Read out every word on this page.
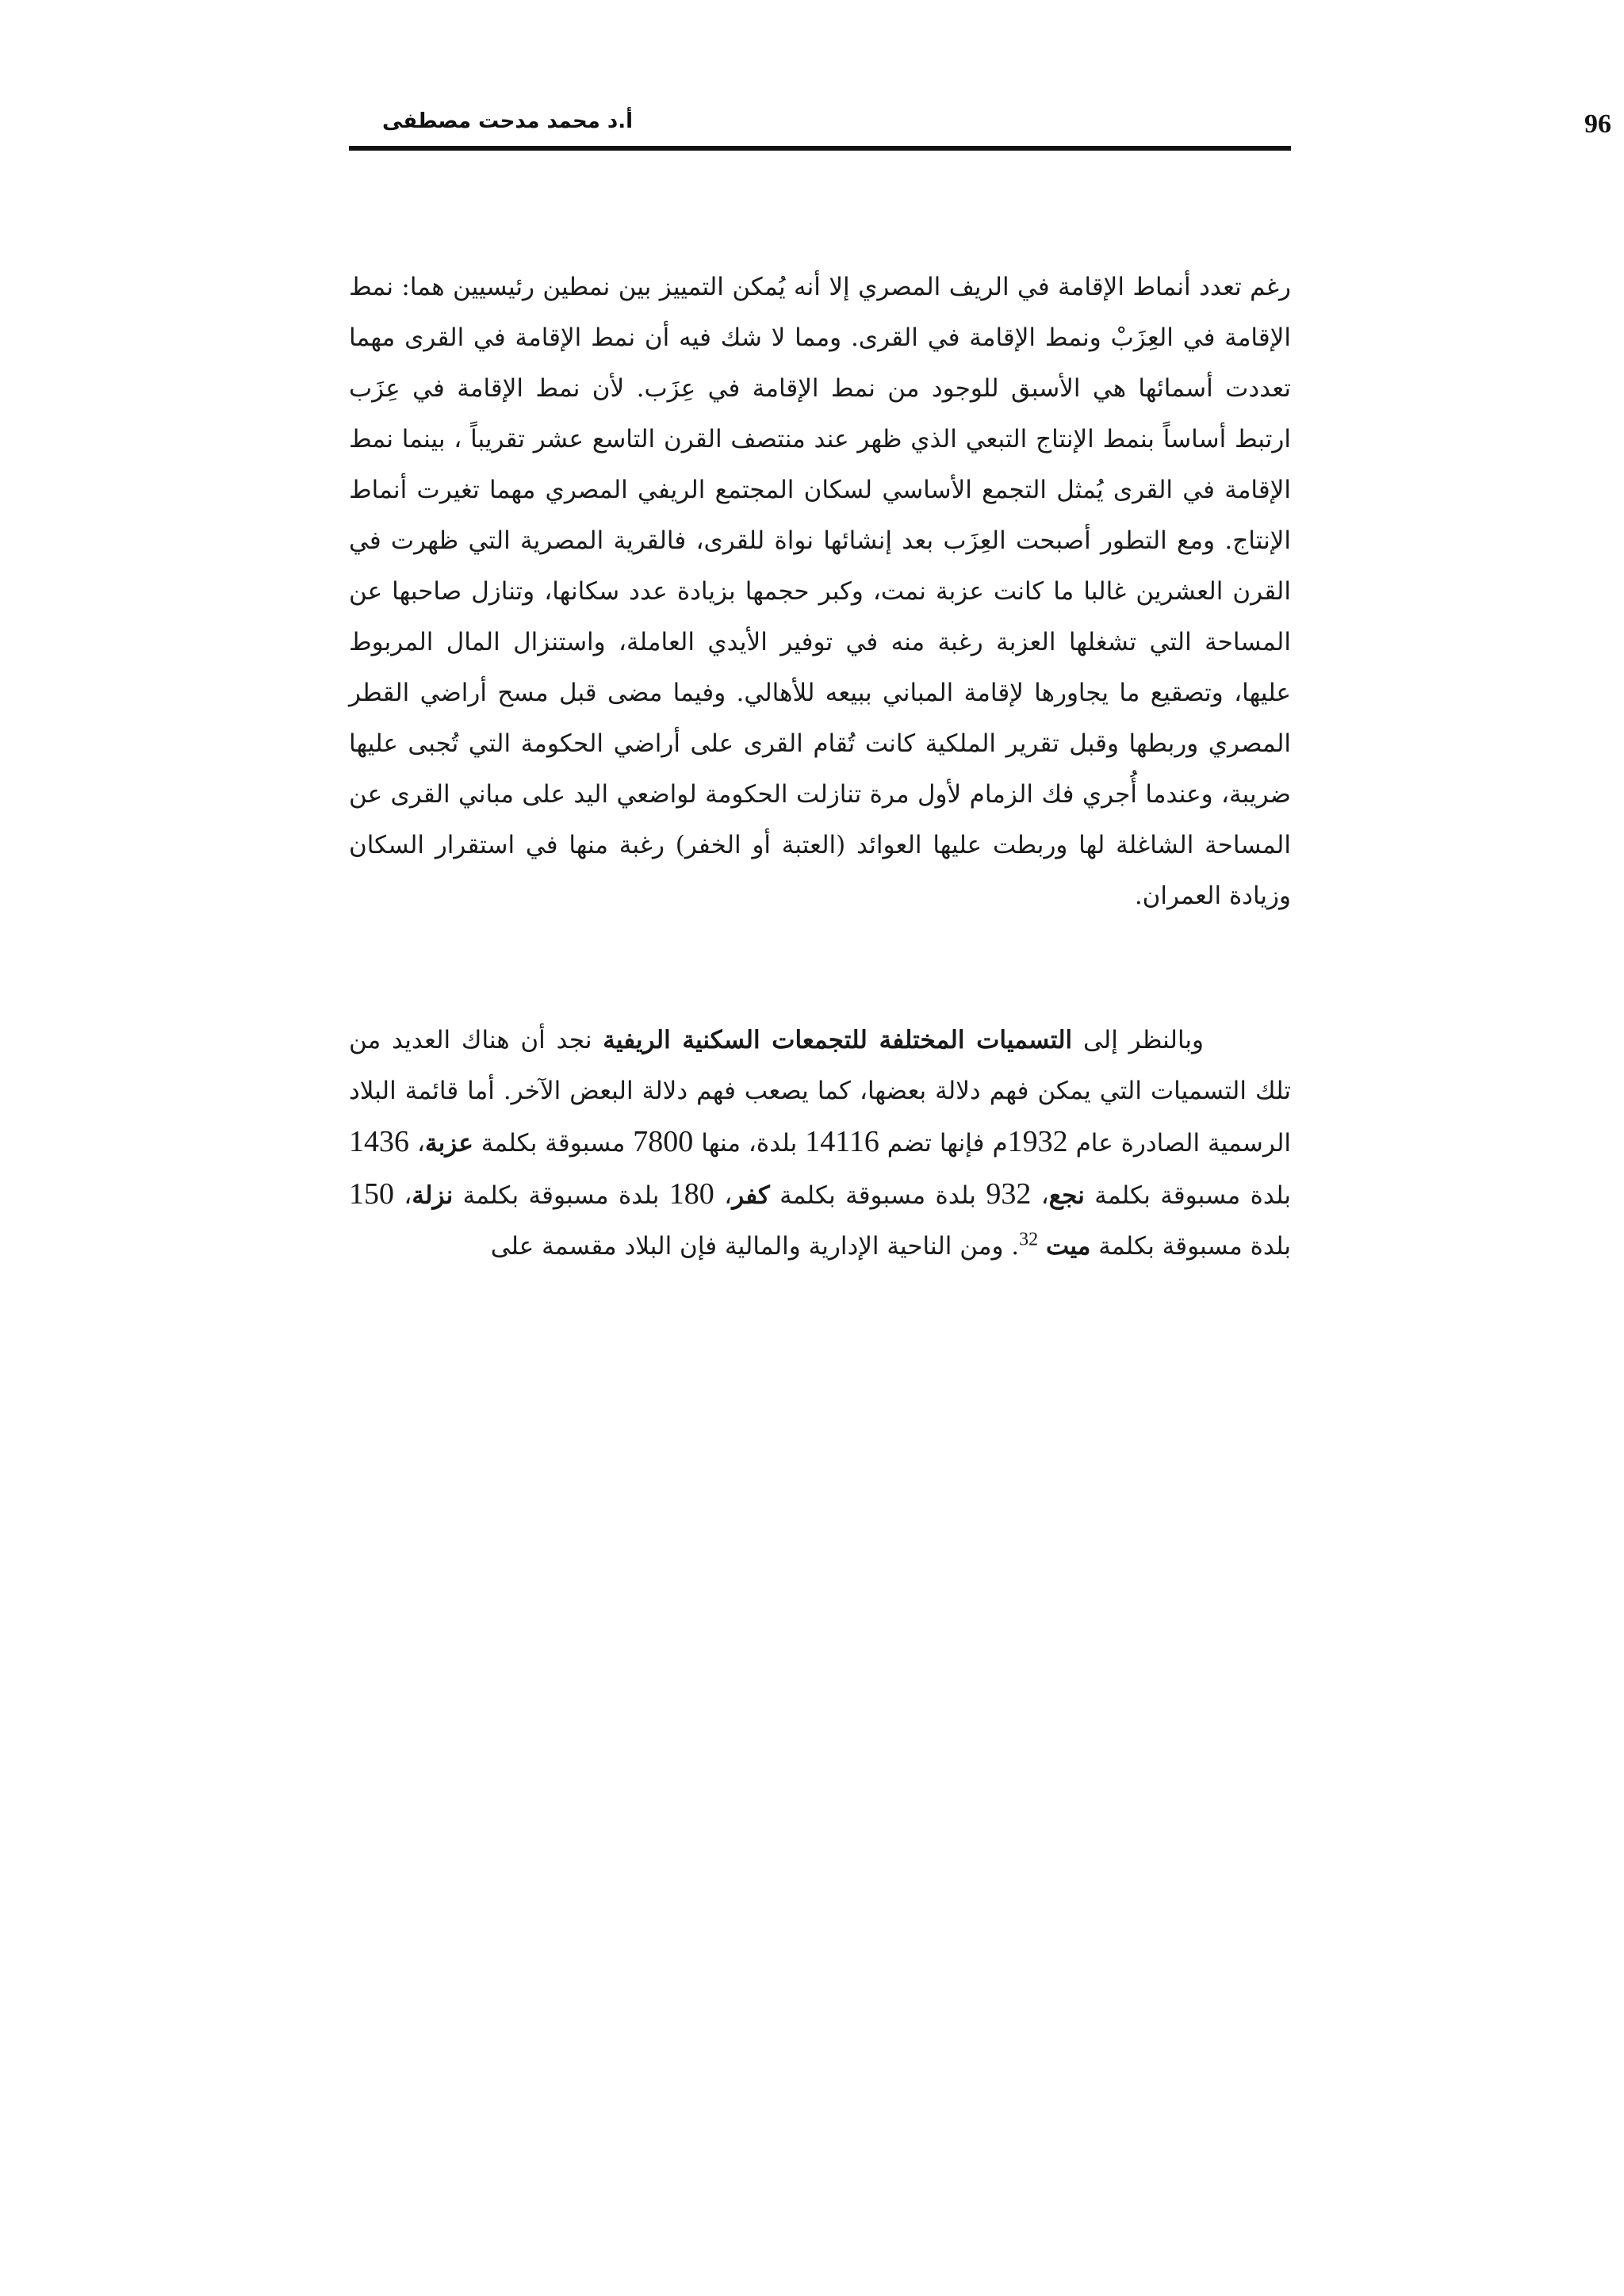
96
أ.د محمد مدحت مصطفى

رغم تعدد أنماط الإقامة في الريف المصري إلا أنه يُمكن التمييز بين نمطين رئيسيين هما: نمط الإقامة في العِزَبْ ونمط الإقامة في القرى. ومما لا شك فيه أن نمط الإقامة في القرى مهما تعددت أسمائها هي الأسبق للوجود من نمط الإقامة في عِزَب. لأن نمط الإقامة في عِزَب ارتبط أساساً بنمط الإنتاج التبعي الذي ظهر عند منتصف القرن التاسع عشر تقريباً ، بينما نمط الإقامة في القرى يُمثل التجمع الأساسي لسكان المجتمع الريفي المصري مهما تغيرت أنماط الإنتاج. ومع التطور أصبحت العِزَب بعد إنشائها نواة للقرى، فالقرية المصرية التي ظهرت في القرن العشرين غالبا ما كانت عزبة نمت، وكبر حجمها بزيادة عدد سكانها، وتنازل صاحبها عن المساحة التي تشغلها العزبة رغبة منه في توفير الأيدي العاملة، واستنزال المال المربوط عليها، وتصقيع ما يجاورها لإقامة المباني ببيعه للأهالي. وفيما مضى قبل مسح أراضي القطر المصري وربطها وقبل تقرير الملكية كانت تُقام القرى على أراضي الحكومة التي تُجبى عليها ضريبة، وعندما أُجري فك الزمام لأول مرة تنازلت الحكومة لواضعي اليد على مباني القرى عن المساحة الشاغلة لها وربطت عليها العوائد (العتبة أو الخفر) رغبة منها في استقرار السكان وزيادة العمران.

وبالنظر إلى التسميات المختلفة للتجمعات السكنية الريفية نجد أن هناك العديد من تلك التسميات التي يمكن فهم دلالة بعضها، كما يصعب فهم دلالة البعض الآخر. أما قائمة البلاد الرسمية الصادرة عام 1932م فإنها تضم 14116 بلدة، منها 7800 مسبوقة بكلمة عزبة، 1436 بلدة مسبوقة بكلمة نجع، 932 بلدة مسبوقة بكلمة كفر، 180 بلدة مسبوقة بكلمة نزلة، 150 بلدة مسبوقة بكلمة ميت $^{32}$. ومن الناحية الإدارية والمالية فإن البلاد مقسمة على
